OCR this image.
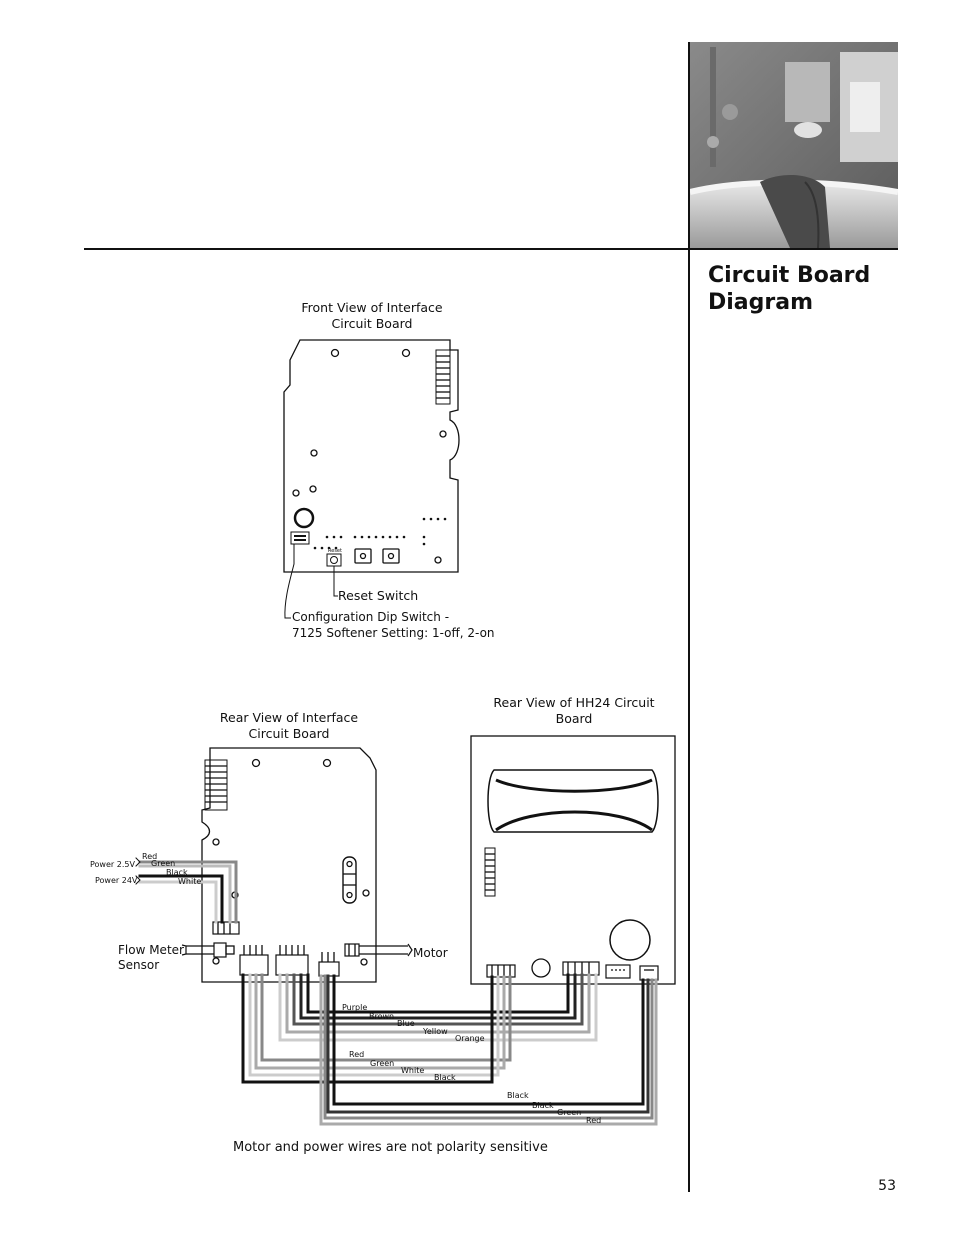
Circuit Board
Diagram
Front View of Interface
Circuit Board
Reset Switch
Configuration Dip Switch -
7125 Softener Setting: 1-off, 2-on
Rear View of Interface
Circuit Board
Rear View of HH24 Circuit
Board
Flow Meter
Sensor
Motor
Motor and power wires are not polarity sensitive
53
Reset
Power 2.5V
Power 24V
Red
Green
Black
White
Purple
Brown
Blue
Yellow
Orange
Red
Green
White
Black
Black
Black
Green
Red
